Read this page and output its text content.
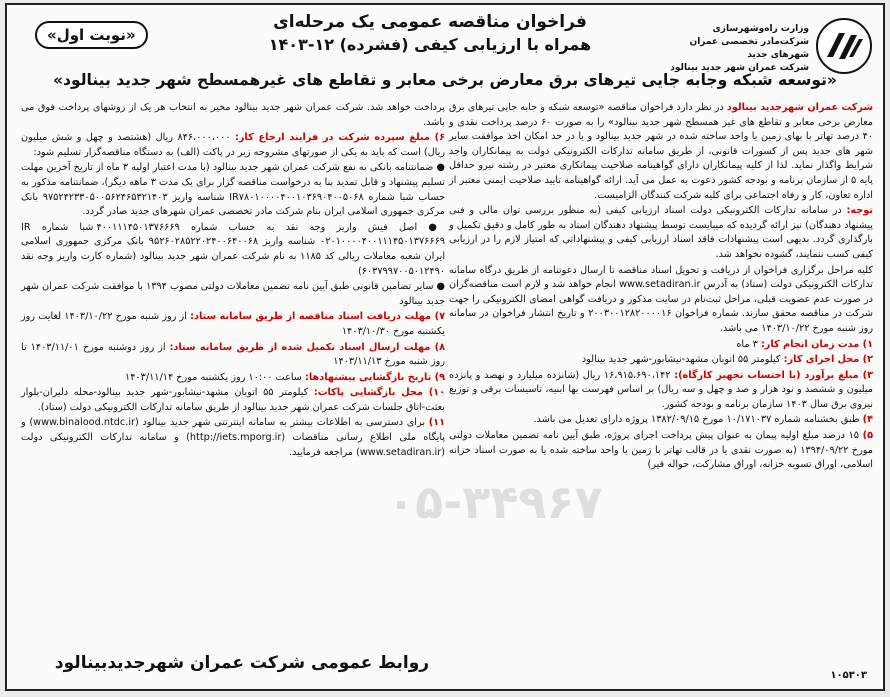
وزارت راه‌وشهرسازی
شرکت‌مادر تخصصی عمران شهرهای جدید
شرکت عمران شهر جدید بینالود
«نوبت اول»
فراخوان مناقصه عمومی یک مرحله‌ای
همراه با ارزیابی کیفی (فشرده) ۱۲-۱۴۰۳
«توسعه شبکه وجابه جایی تیرهای برق معارض برخی معابر و تقاطع های غیرهمسطح شهر جدید بینالود»
۰۵-۳۴۹۶۷

شرکت عمران شهرجدید بینالود در نظر دارد فراخوان مناقصه «توسعه شبکه و جابه جایی تیرهای برق معارض برخی معابر و تقاطع های غیر همسطح شهر جدید بینالود» را به صورت ۶۰ درصد پرداخت نقدی و ۴۰ درصد تهاتر با بهای زمین یا واحد ساخته شده در شهر جدید بینالود و یا در حد امکان اخذ موافقت سایر شهر های جدید پس از کسورات قانونی، از طریق سامانه تدارکات الکترونیکی دولت به پیمانکاران واجد شرایط واگذار نماید. لذا از کلیه پیمانکاران دارای گواهینامه صلاحیت پیمانکاری معتبر در رشته نیرو حداقل پایه ۵ از سازمان برنامه و بودجه کشور دعوت به عمل می آید. ارائه گواهینامه تایید صلاحیت ایمنی معتبر از اداره تعاون، کار و رفاه اجتماعی برای کلیه شرکت کنندگان الزامیست.

توجه: در سامانه تدارکات الکترونیکی دولت اسناد ارزیابی کیفی (به منظور بررسی توان مالی و فنی پیشنهاد دهندگان) نیز ارائه گردیده که میبایست توسط پیشنهاد دهندگان اسناد به طور کامل و دقیق تکمیل و بارگذاری گردد. بدیهی است پیشنهادات فاقد اسناد ارزیابی کیفی و پیشنهاداتی که امتیاز لازم را در ارزیابی کیفی کسب ننمایند، گشوده نخواهد شد.

کلیه مراحل برگزاری فراخوان از دریافت و تحویل اسناد مناقصه تا ارسال دعوتنامه از طریق درگاه سامانه تدارکات الکترونیکی دولت (ستاد) به آدرس www.setadiran.ir انجام خواهد شد و لازم است مناقصه‌گران در صورت عدم عضویت قبلی، مراحل ثبت‌نام در سایت مذکور و دریافت گواهی امضای الکترونیکی را جهت شرکت در مناقصه محقق سازند. شماره فراخوان ۲۰۰۳۰۰۱۲۸۲۰۰۰۰۱۶ و تاریخ انتشار فراخوان در سامانه روز شنبه مورخ ۱۴۰۳/۱۰/۲۲ می باشد.

۱) مدت زمان انجام کار: ۳ ماه

۲) محل اجرای کار: کیلومتر ۵۵ اتوبان مشهد-نیشابور-شهر جدید بینالود

۳) مبلغ برآورد (با احتساب تجهیز کارگاه): ۱۶،۹۱۵،۶۹۰،۱۴۲ ریال (شانزده میلیارد و نهصد و پانزده میلیون و ششصد و نود هزار و صد و چهل و سه ریال) بر اساس فهرست بها ابنیه، تاسیسات برقی و توزیع نیروی برق سال ۱۴۰۳ سازمان برنامه و بودجه کشور.

۴) طبق بخشنامه شماره ۱۰/۱۷۱۰۳۷ مورخ ۱۳۸۲/۰۹/۱۵ پروژه دارای تعدیل می باشد.

۵) ۱۵ درصد مبلغ اولیه پیمان به عنوان پیش پرداخت اجرای پروژه، طبق آیین نامه تضمین معاملات دولتی مورخ ۱۳۹۴/۰۹/۲۲ (به صورت نقدی یا در قالب تهاتر با زمین یا واحد ساخته شده یا به صورت اسناد خزانه اسلامی، اوراق تسویه خزانه، اوراق مشارکت، حواله قیر)

پرداخت خواهد شد. شرکت عمران شهر جدید بینالود مخیر به انتخاب هر یک از روشهای پرداخت فوق می باشد.

۶) مبلغ سپرده شرکت در فرایند ارجاع کار: ۸۴۶،۰۰۰،۰۰۰ ریال (هشتصد و چهل و شش میلیون ریال) است که باید به یکی از صورتهای مشروحه زیر در پاکت (الف) به دستگاه مناقصه‌گزار تسلیم شود:

● ضمانتنامه بانکی به نفع شرکت عمران شهر جدید بینالود (با مدت اعتبار اولیه ۳ ماه از تاریخ آخرین مهلت تسلیم پیشنهاد و قابل تمدید بنا به درخواست مناقصه گزار برای یک مدت ۳ ماهه دیگر)، ضمانتنامه مذکور به حساب شبا شماره IR۷۸۰۱۰۰۰۰۴۰۰۱۰۳۶۹۰۴۰۰۵۰۶۸ شناسه واریز ۹۷۵۲۴۲۳۳۰۵۰۰۵۶۲۴۶۵۳۲۱۴۰۳ بانک مرکزی جمهوری اسلامی ایران بنام شرکت مادر تخصصی عمران شهرهای جدید صادر گردد.

● اصل فیش واریز وجه نقد به حساب شماره ۴۰۰۱۱۱۴۵۰۱۳۷۶۶۶۹ شبا شماره IR ۰۲۰۱۰۰۰۰۴۰۰۱۱۱۴۵۰۱۳۷۶۶۶۹ شناسه واریز ۹۵۲۶۰۲۸۵۲۲۰۲۴۰۰۶۴۰۰۶۸ بانک مرکزی جمهوری اسلامی ایران شعبه معاملات ریالی کد ۱۱۸۵ به نام شرکت عمران شهر جدید بینالود (شماره کارت واریز وجه نقد ۶۰۳۷۹۹۷۰۰۵۰۱۲۴۹۰)

● سایر تضامین قانونی طبق آیین نامه تضمین معاملات دولتی مصوب ۱۳۹۴ با موافقت شرکت عمران شهر جدید بینالود

۷) مهلت دریافت اسناد مناقصه از طریق سامانه ستاد: از روز شنبه مورخ ۱۴۰۳/۱۰/۲۲ لغایت روز یکشنبه مورخ ۱۴۰۳/۱۰/۳۰

۸) مهلت ارسال اسناد تکمیل شده از طریق سامانه ستاد: از روز دوشنبه مورخ ۱۴۰۳/۱۱/۰۱ تا روز شنبه مورخ ۱۴۰۳/۱۱/۱۳

۹) تاریخ بازگشایی پیشنهادها: ساعت ۱۰:۰۰ روز یکشنبه مورخ ۱۴۰۳/۱۱/۱۴

۱۰) محل بازگشایی پاکات: کیلومتر ۵۵ اتوبان مشهد-نیشابور-شهر جدید بینالود-محله دلیران-بلوار بعثت-اتاق جلسات شرکت عمران شهر جدید بینالود از طریق سامانه تدارکات الکترونیکی دولت (ستاد).

۱۱) برای دسترسی به اطلاعات بیشتر به سامانه اینترنتی شهر جدید بینالود (www.binalood.ntdc.ir) و پایگاه ملی اطلاع رسانی مناقصات (http://iets.mporg.ir) و سامانه تدارکات الکترونیکی دولت (www.setadiran.ir) مراجعه فرمایید.

روابط عمومی شرکت عمران شهرجدیدبینالود
۱۰۵۳۰۳
